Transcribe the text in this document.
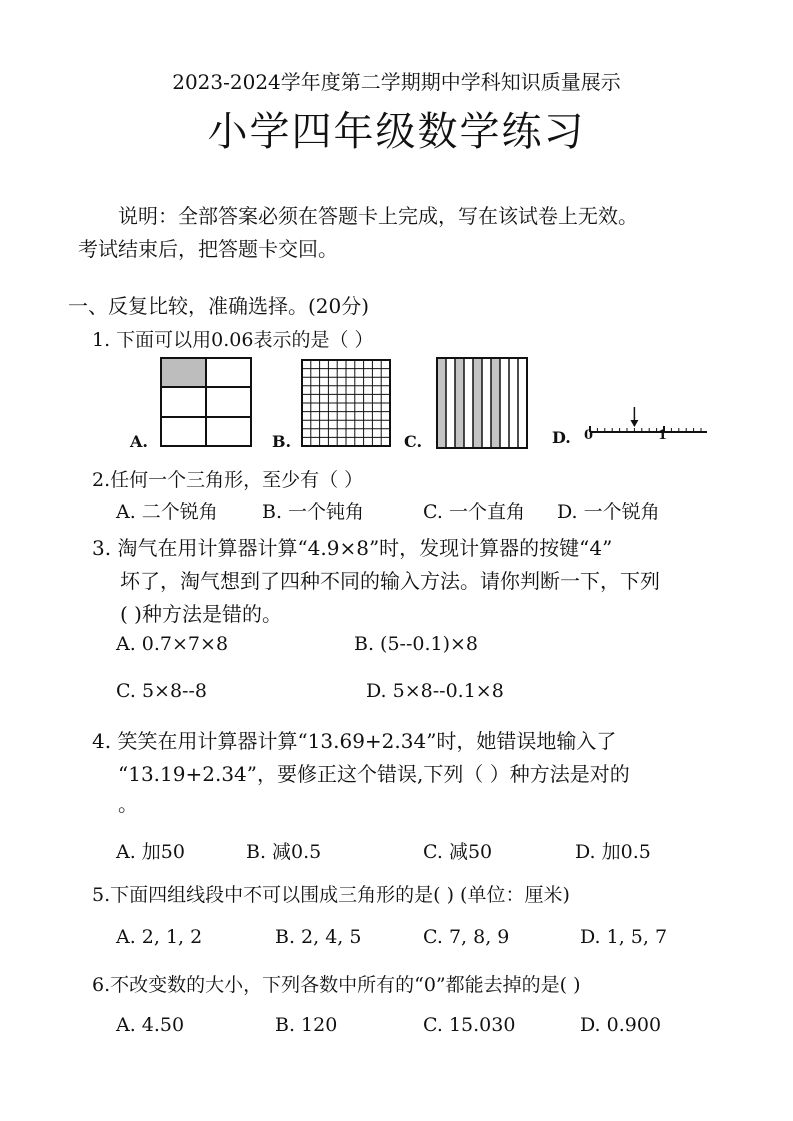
2023-2024学年度第二学期期中学科知识质量展示
小学四年级数学练习
说明：全部答案必须在答题卡上完成，写在该试卷上无效。
考试结束后，把答题卡交回。
一、反复比较，准确选择。(20分)
1. 下面可以用0.06表示的是（ ）
A.	B.	C.	D. 0	1
2.任何一个三角形，至少有（ ）
A. 二个锐角 B. 一个钝角	C. 一个直角 D. 一个锐角
3. 淘气在用计算器计算“4.9×8”时，发现计算器的按键“4”
坏了，淘气想到了四种不同的输入方法。请你判断一下，下列
( )种方法是错的。
A. 0.7×7×8	B. (5--0.1)×8
C. 5×8--8	D. 5×8--0.1×8
4. 笑笑在用计算器计算“13.69+2.34”时，她错误地输入了
“13.19+2.34”，要修正这个错误,下列（ ）种方法是对的
。
A. 加50	B. 减0.5	C. 减50	D. 加0.5
5.下面四组线段中不可以围成三角形的是( ) (单位：厘米)
A. 2, 1, 2	B. 2, 4, 5	C. 7, 8, 9	D. 1, 5, 7
6.不改变数的大小，下列各数中所有的“0”都能去掉的是( )
A. 4.50	B. 120	C. 15.030	D. 0.900
